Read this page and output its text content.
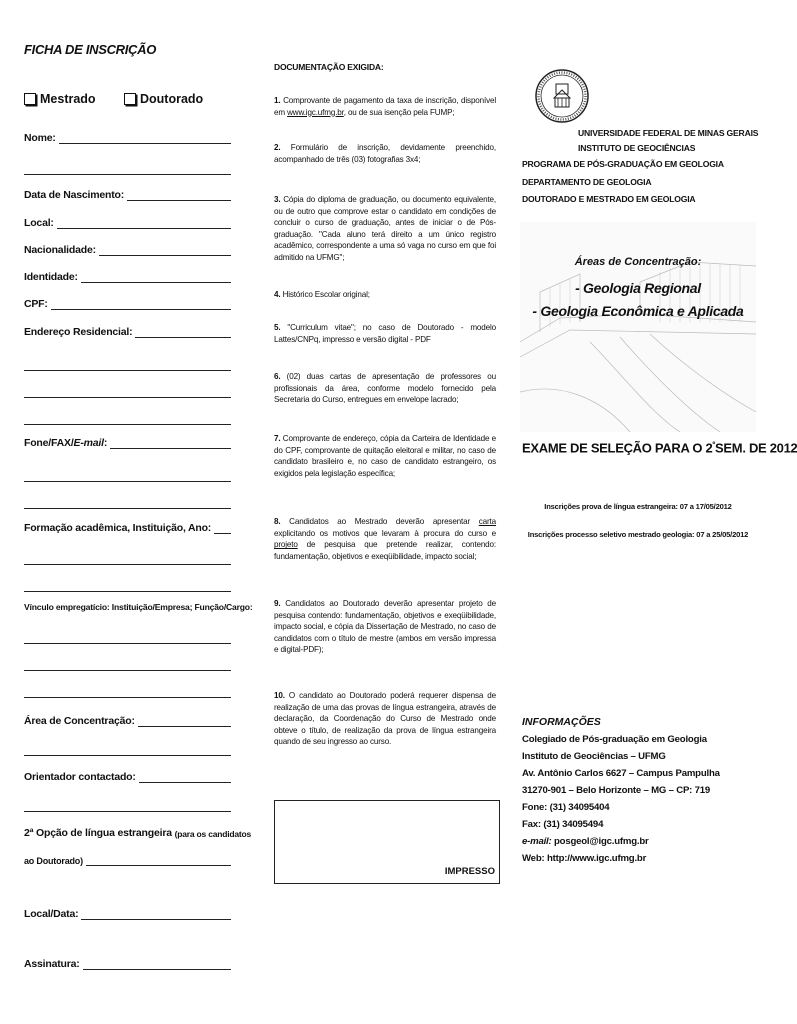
FICHA DE INSCRIÇÃO
Mestrado	Doutorado
Nome:
Data de Nascimento:
Local:
Nacionalidade:
Identidade:
CPF:
Endereço Residencial:
Fone/FAX/E-mail:
Formação acadêmica, Instituição, Ano:
Vínculo empregatício: Instituição/Empresa; Função/Cargo:
Área de Concentração:
Orientador contactado:
2ª Opção de língua estrangeira
(para os candidatos
ao Doutorado)
Local/Data:
Assinatura:
DOCUMENTAÇÃO EXIGIDA:
1. Comprovante de pagamento da taxa de inscrição, disponível em www.igc.ufmg.br, ou de sua isenção pela FUMP;
2. Formulário de inscrição, devidamente preenchido, acompanhado de três (03) fotografias 3x4;
3. Cópia do diploma de graduação, ou documento equivalente, ou de outro que comprove estar o candidato em condições de concluir o curso de graduação, antes de iniciar o de Pós-graduação. "Cada aluno terá direito a um único registro acadêmico, correspondente a uma só vaga no curso em que foi admitido na UFMG";
4. Histórico Escolar original;
5. "Curriculum vitae"; no caso de Doutorado - modelo Lattes/CNPq, impresso e versão digital - PDF
6. (02) duas cartas de apresentação de professores ou profissionais da área, conforme modelo fornecido pela Secretaria do Curso, entregues em envelope lacrado;
7. Comprovante de endereço, cópia da Carteira de Identidade e do CPF, comprovante de quitação eleitoral e militar, no caso de candidato brasileiro e, no caso de candidato estrangeiro, os exigidos pela legislação específica;
8. Candidatos ao Mestrado deverão apresentar carta explicitando os motivos que levaram à procura do curso e projeto de pesquisa que pretende realizar, contendo: fundamentação, objetivos e exeqüibilidade, impacto social;
9. Candidatos ao Doutorado deverão apresentar projeto de pesquisa contendo: fundamentação, objetivos e exeqüibilidade, impacto social, e cópia da Dissertação de Mestrado, no caso de candidatos com o título de mestre (ambos em versão impressa e digital-PDF);
10. O candidato ao Doutorado poderá requerer dispensa de realização de uma das provas de língua estrangeira, através de declaração, da Coordenação do Curso de Mestrado onde obteve o título, de realização da prova de língua estrangeira quando de seu ingresso ao curso.
IMPRESSO
UNIVERSIDADE FEDERAL DE MINAS GERAIS
INSTITUTO DE GEOCIÊNCIAS
PROGRAMA DE PÓS-GRADUAÇÃO EM GEOLOGIA
DEPARTAMENTO DE GEOLOGIA
DOUTORADO E MESTRADO EM GEOLOGIA
Áreas de Concentração:
- Geologia Regional
- Geologia Econômica e Aplicada
EXAME DE SELEÇÃO PARA O $2^ºSEM$. DE 2012
Inscrições prova de língua estrangeira: 07 a 17/05/2012
Inscrições processo seletivo mestrado geologia: 07 a 25/05/2012
INFORMAÇÕES
Colegiado de Pós-graduação em Geologia
Instituto de Geociências – UFMG
Av. Antônio Carlos 6627 – Campus Pampulha
31270-901 – Belo Horizonte – MG – CP: 719
Fone: (31) 34095404
Fax: (31) 34095494
e-mail: posgeol@igc.ufmg.br
Web: http://www.igc.ufmg.br
